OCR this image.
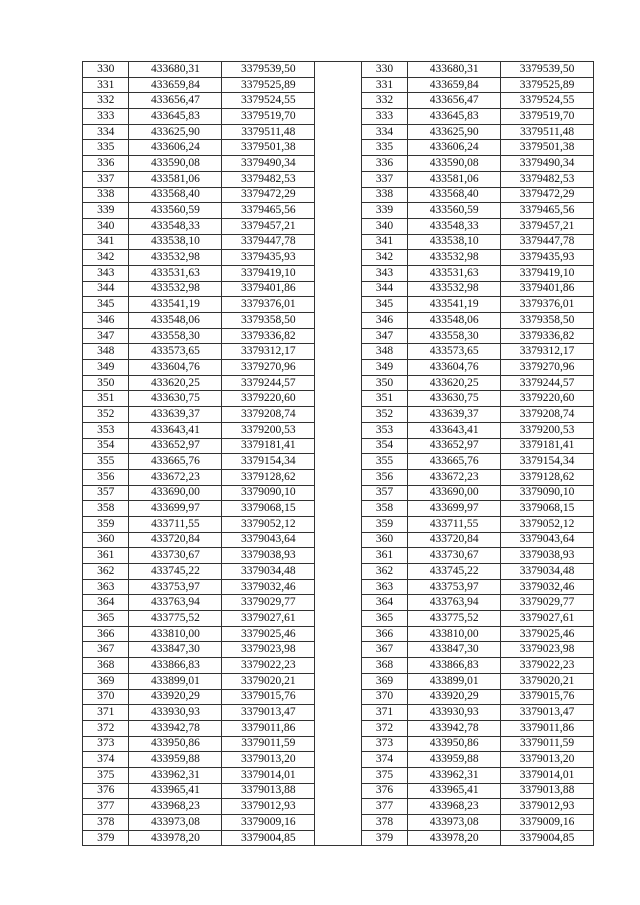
330	433680,31	3379539,50		330	433680,31	3379539,50
331	433659,84	3379525,89		331	433659,84	3379525,89
332	433656,47	3379524,55		332	433656,47	3379524,55
333	433645,83	3379519,70		333	433645,83	3379519,70
334	433625,90	3379511,48		334	433625,90	3379511,48
335	433606,24	3379501,38		335	433606,24	3379501,38
336	433590,08	3379490,34		336	433590,08	3379490,34
337	433581,06	3379482,53		337	433581,06	3379482,53
338	433568,40	3379472,29		338	433568,40	3379472,29
339	433560,59	3379465,56		339	433560,59	3379465,56
340	433548,33	3379457,21		340	433548,33	3379457,21
341	433538,10	3379447,78		341	433538,10	3379447,78
342	433532,98	3379435,93		342	433532,98	3379435,93
343	433531,63	3379419,10		343	433531,63	3379419,10
344	433532,98	3379401,86		344	433532,98	3379401,86
345	433541,19	3379376,01		345	433541,19	3379376,01
346	433548,06	3379358,50		346	433548,06	3379358,50
347	433558,30	3379336,82		347	433558,30	3379336,82
348	433573,65	3379312,17		348	433573,65	3379312,17
349	433604,76	3379270,96		349	433604,76	3379270,96
350	433620,25	3379244,57		350	433620,25	3379244,57
351	433630,75	3379220,60		351	433630,75	3379220,60
352	433639,37	3379208,74		352	433639,37	3379208,74
353	433643,41	3379200,53		353	433643,41	3379200,53
354	433652,97	3379181,41		354	433652,97	3379181,41
355	433665,76	3379154,34		355	433665,76	3379154,34
356	433672,23	3379128,62		356	433672,23	3379128,62
357	433690,00	3379090,10		357	433690,00	3379090,10
358	433699,97	3379068,15		358	433699,97	3379068,15
359	433711,55	3379052,12		359	433711,55	3379052,12
360	433720,84	3379043,64		360	433720,84	3379043,64
361	433730,67	3379038,93		361	433730,67	3379038,93
362	433745,22	3379034,48		362	433745,22	3379034,48
363	433753,97	3379032,46		363	433753,97	3379032,46
364	433763,94	3379029,77		364	433763,94	3379029,77
365	433775,52	3379027,61		365	433775,52	3379027,61
366	433810,00	3379025,46		366	433810,00	3379025,46
367	433847,30	3379023,98		367	433847,30	3379023,98
368	433866,83	3379022,23		368	433866,83	3379022,23
369	433899,01	3379020,21		369	433899,01	3379020,21
370	433920,29	3379015,76		370	433920,29	3379015,76
371	433930,93	3379013,47		371	433930,93	3379013,47
372	433942,78	3379011,86		372	433942,78	3379011,86
373	433950,86	3379011,59		373	433950,86	3379011,59
374	433959,88	3379013,20		374	433959,88	3379013,20
375	433962,31	3379014,01		375	433962,31	3379014,01
376	433965,41	3379013,88		376	433965,41	3379013,88
377	433968,23	3379012,93		377	433968,23	3379012,93
378	433973,08	3379009,16		378	433973,08	3379009,16
379	433978,20	3379004,85		379	433978,20	3379004,85
